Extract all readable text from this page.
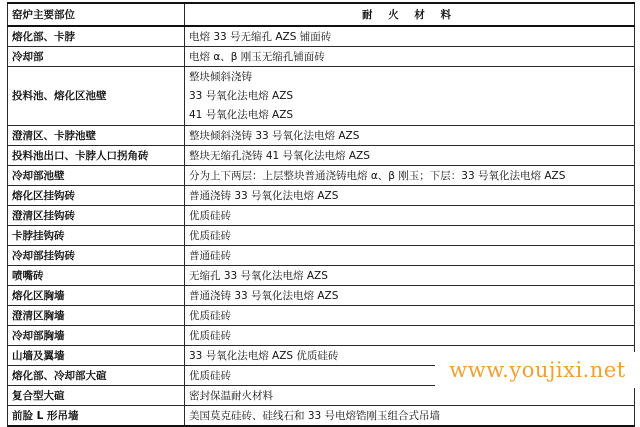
窑炉主要部位	耐 火 材 料
熔化部、卡脖	电熔 33 号无缩孔 AZS 铺面砖
冷却部	电熔 α、β 刚玉无缩孔铺面砖
投料池、熔化区池壁	整块倾斜浇铸
33 号氧化法电熔 AZS
41 号氧化法电熔 AZS

澄清区、卡脖池壁	整块倾斜浇铸 33 号氧化法电熔 AZS
投料池出口、卡脖人口拐角砖	整块无缩孔浇铸 41 号氧化法电熔 AZS
冷却部池壁	分为上下两层：上层整块普通浇铸电熔 α、β 刚玉；下层：33 号氧化法电熔 AZS
熔化区挂钩砖	普通浇铸 33 号氧化法电熔 AZS
澄清区挂钩砖	优质硅砖
卡脖挂钩砖	优质硅砖
冷却部挂钩砖	普通硅砖
喷嘴砖	无缩孔 33 号氧化法电熔 AZS
熔化区胸墙	普通浇铸 33 号氧化法电熔 AZS
澄清区胸墙	优质硅砖
冷却部胸墙	优质硅砖
山墙及翼墙	33 号氧化法电熔 AZS 优质硅砖
熔化部、冷却部大碹	优质硅砖
复合型大碹	密封保温耐火材料
前脸 L 形吊墙	美国莫克硅砖、硅线石和 33 号电熔锆刚玉组合式吊墙
www.youjixi.net
